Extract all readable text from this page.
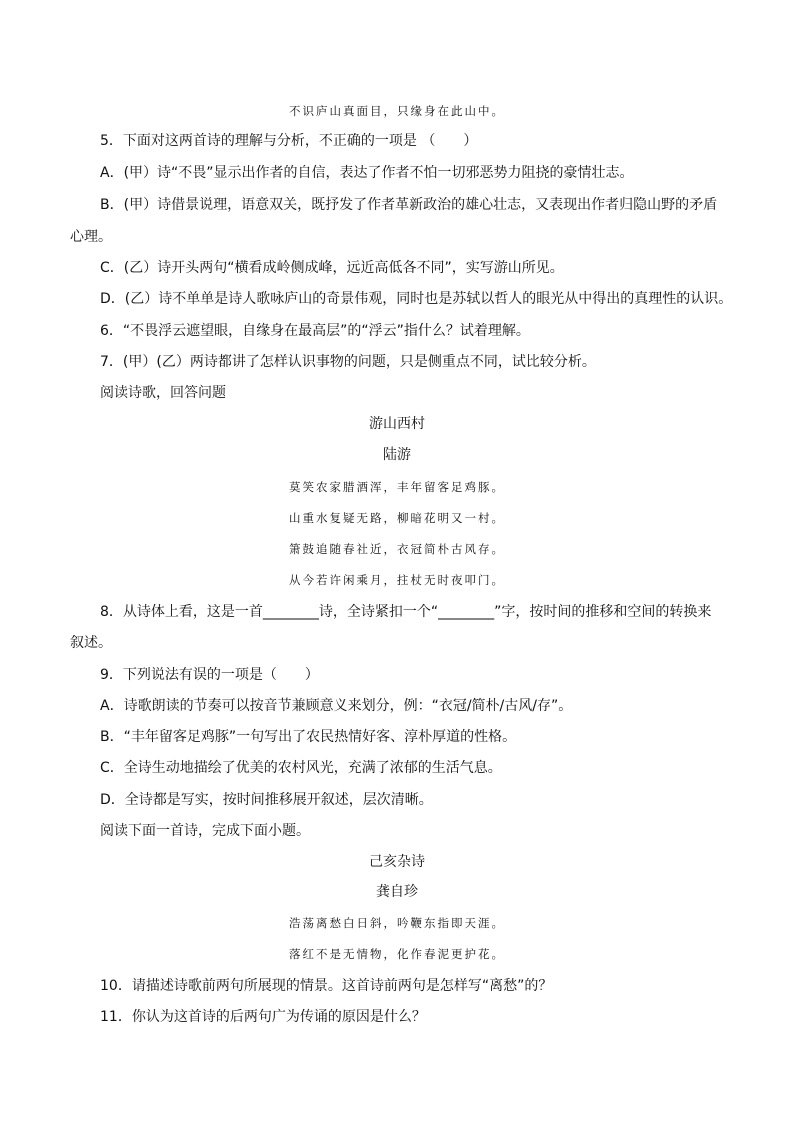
不识庐山真面目，只缘身在此山中。
5．下面对这两首诗的理解与分析，不正确的一项是 （　　）
A．(甲）诗“不畏”显示出作者的自信，表达了作者不怕一切邪恶势力阻挠的豪情壮志。
B．(甲）诗借景说理，语意双关，既抒发了作者革新政治的雄心壮志，又表现出作者归隐山野的矛盾
心理。
C．(乙）诗开头两句“横看成岭侧成峰，远近高低各不同”，实写游山所见。
D．(乙）诗不单单是诗人歌咏庐山的奇景伟观，同时也是苏轼以哲人的眼光从中得出的真理性的认识。
6．“不畏浮云遮望眼，自缘身在最高层”的“浮云”指什么？试着理解。
7．(甲）(乙）两诗都讲了怎样认识事物的问题，只是侧重点不同，试比较分析。
阅读诗歌，回答问题
游山西村
陆游
莫笑农家腊酒浑，丰年留客足鸡豚。
山重水复疑无路，柳暗花明又一村。
箫鼓追随春社近，衣冠简朴古风存。
从今若许闲乘月，拄杖无时夜叩门。
8．从诗体上看，这是一首________诗，全诗紧扣一个“________”字，按时间的推移和空间的转换来
叙述。
9．下列说法有误的一项是（　　）
A．诗歌朗读的节奏可以按音节兼顾意义来划分，例：“衣冠/简朴/古风/存”。
B．“丰年留客足鸡豚”一句写出了农民热情好客、淳朴厚道的性格。
C．全诗生动地描绘了优美的农村风光，充满了浓郁的生活气息。
D．全诗都是写实，按时间推移展开叙述，层次清晰。
阅读下面一首诗，完成下面小题。
己亥杂诗
龚自珍
浩荡离愁白日斜，吟鞭东指即天涯。
落红不是无情物，化作春泥更护花。
10．请描述诗歌前两句所展现的情景。这首诗前两句是怎样写“离愁”的？
11．你认为这首诗的后两句广为传诵的原因是什么？
